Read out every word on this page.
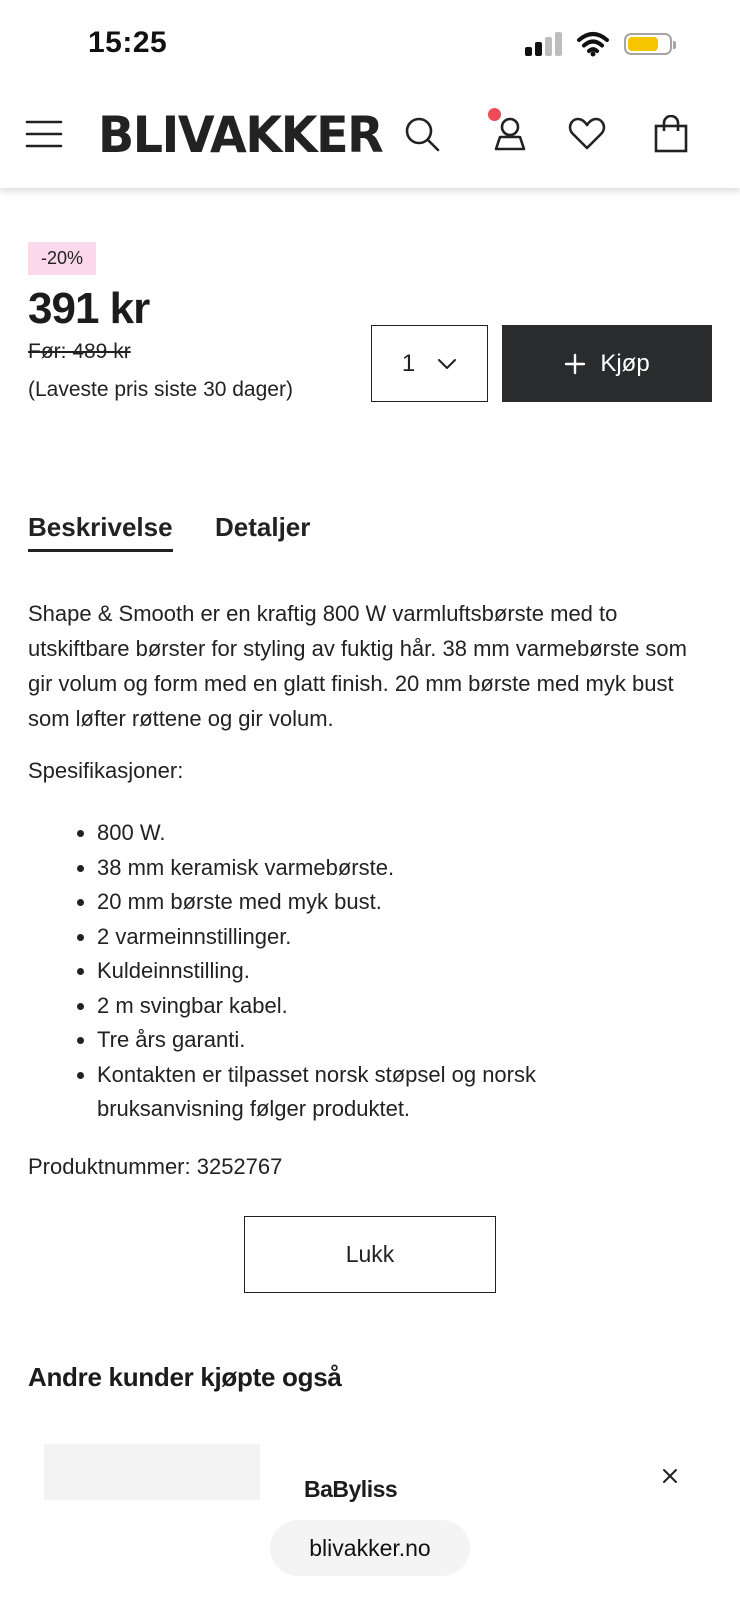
15:25
BLIVAKKER
-20%
391 kr
Før: 489 kr
(Laveste pris siste 30 dager)
1	Kjøp
Beskrivelse Detaljer

Shape & Smooth er en kraftig 800 W varmluftsbørste med to utskiftbare børster for styling av fuktig hår. 38 mm varmebørste som gir volum og form med en glatt finish. 20 mm børste med myk bust som løfter røttene og gir volum.

Spesifikasjoner:
• 800 W.
• 38 mm keramisk varmebørste.
• 20 mm børste med myk bust.
• 2 varmeinnstillinger.
• Kuldeinnstilling.
• 2 m svingbar kabel.
• Tre års garanti.
• Kontakten er tilpasset norsk støpsel og norsk bruksanvisning følger produktet.
Produktnummer: 3252767
Lukk
Andre kunder kjøpte også
BaByliss
blivakker.no
